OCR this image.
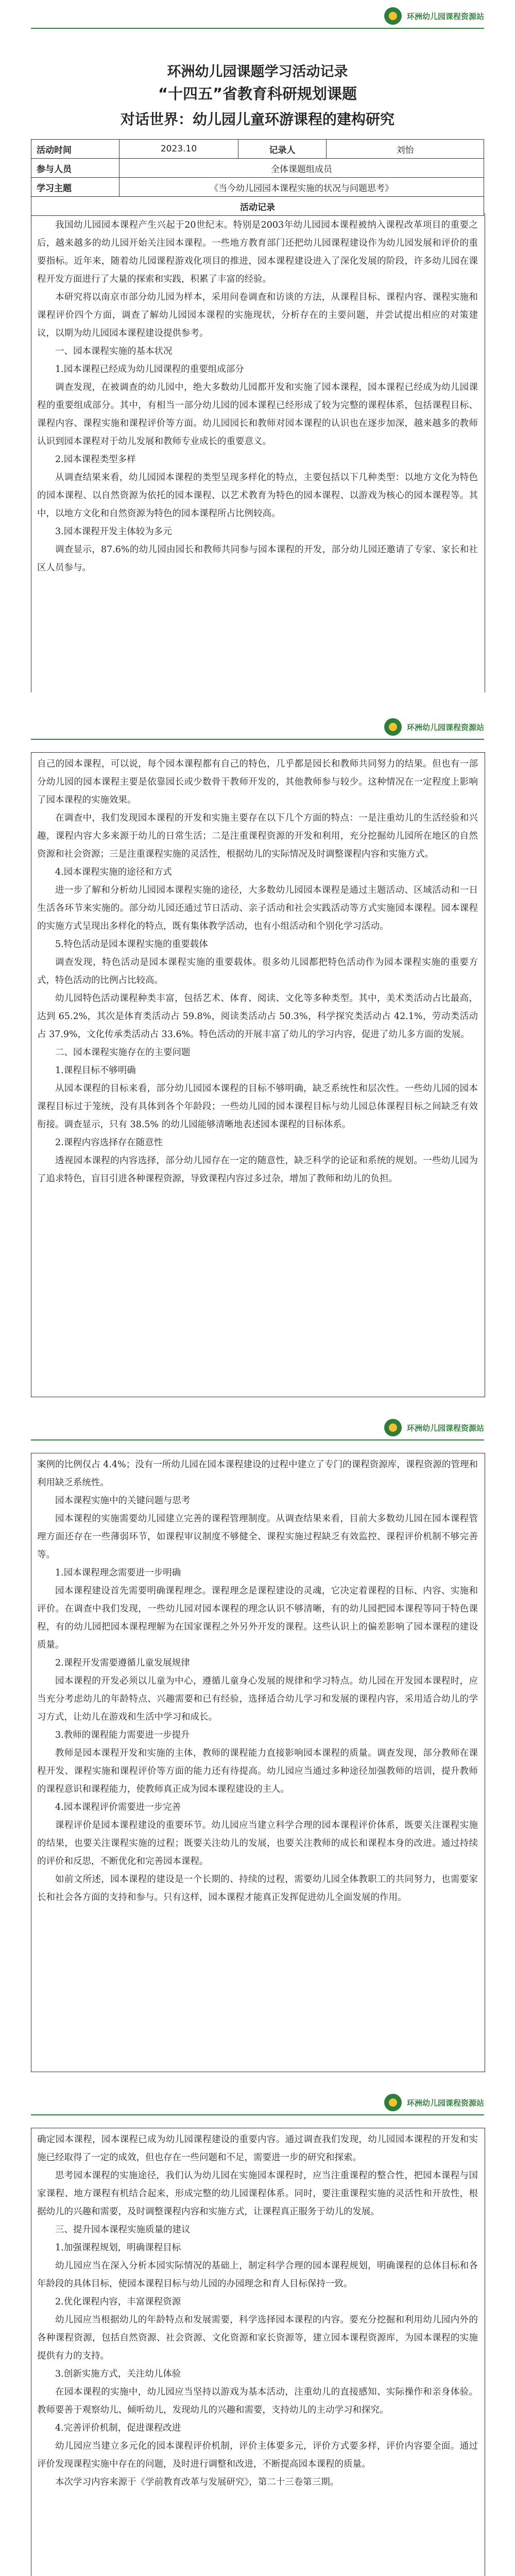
环洲幼儿园课程资源站

环洲幼儿园课题学习活动记录

“十四五”省教育科研规划课题

对话世界：幼儿园儿童环游课程的建构研究

活动时间	2023.10	记录人	刘怡
参与人员	全体课题组成员		
学习主题	《当今幼儿园园本课程实施的状况与问题思考》		
活动记录			

我国幼儿园园本课程产生兴起于20世纪末。特别是2003年幼儿园园本课程被纳入课程改革项目的重要之后，越来越多的幼儿园开始关注园本课程。一些地方教育部门还把幼儿园课程建设作为幼儿园发展和评价的重要指标。近年来，随着幼儿园课程游戏化项目的推进，园本课程建设进入了深化发展的阶段，许多幼儿园在课程开发方面进行了大量的探索和实践，积累了丰富的经验。

本研究将以南京市部分幼儿园为样本，采用问卷调查和访谈的方法，从课程目标、课程内容、课程实施和课程评价四个方面，调查了解幼儿园园本课程的实施现状，分析存在的主要问题，并尝试提出相应的对策建议，以期为幼儿园园本课程建设提供参考。

一、园本课程实施的基本状况

1.园本课程已经成为幼儿园课程的重要组成部分

调查发现，在被调查的幼儿园中，绝大多数幼儿园都开发和实施了园本课程，园本课程已经成为幼儿园课程的重要组成部分。其中，有相当一部分幼儿园的园本课程已经形成了较为完整的课程体系，包括课程目标、课程内容、课程实施和课程评价等方面。幼儿园园长和教师对园本课程的认识也在逐步加深，越来越多的教师认识到园本课程对于幼儿发展和教师专业成长的重要意义。

2.园本课程类型多样

从调查结果来看，幼儿园园本课程的类型呈现多样化的特点，主要包括以下几种类型：以地方文化为特色的园本课程、以自然资源为依托的园本课程、以艺术教育为特色的园本课程、以游戏为核心的园本课程等。其中，以地方文化和自然资源为特色的园本课程所占比例较高。

3.园本课程开发主体较为多元

调查显示，87.6%的幼儿园由园长和教师共同参与园本课程的开发，部分幼儿园还邀请了专家、家长和社区人员参与。

环洲幼儿园课程资源站

自己的园本课程，可以说，每个园本课程都有自己的特色，几乎都是园长和教师共同努力的结果。但也有一部分幼儿园的园本课程主要是依靠园长或少数骨干教师开发的，其他教师参与较少。这种情况在一定程度上影响了园本课程的实施效果。

在调查中，我们发现园本课程的开发和实施主要存在以下几个方面的特点：一是注重幼儿的生活经验和兴趣，课程内容大多来源于幼儿的日常生活；二是注重课程资源的开发和利用，充分挖掘幼儿园所在地区的自然资源和社会资源；三是注重课程实施的灵活性，根据幼儿的实际情况及时调整课程内容和实施方式。

4.园本课程实施的途径和方式

进一步了解和分析幼儿园园本课程实施的途径，大多数幼儿园园本课程是通过主题活动、区域活动和一日生活各环节来实施的。部分幼儿园还通过节日活动、亲子活动和社会实践活动等方式实施园本课程。园本课程的实施方式呈现出多样化的特点，既有集体教学活动，也有小组活动和个别化学习活动。

5.特色活动是园本课程实施的重要载体

调查发现，特色活动是园本课程实施的重要载体。很多幼儿园都把特色活动作为园本课程实施的重要方式，特色活动的比例占比较高。

幼儿园特色活动课程种类丰富，包括艺术、体育、阅读、文化等多种类型。其中，美术类活动占比最高，达到 65.2%，其次是体育类活动占 59.8%，阅读类活动占 50.3%，科学探究类活动占 42.1%，劳动类活动占 37.9%，文化传承类活动占 33.6%。特色活动的开展丰富了幼儿的学习内容，促进了幼儿多方面的发展。

二、园本课程实施存在的主要问题

1.课程目标不够明确

从园本课程的目标来看，部分幼儿园园本课程的目标不够明确，缺乏系统性和层次性。一些幼儿园的园本课程目标过于笼统，没有具体到各个年龄段；一些幼儿园的园本课程目标与幼儿园总体课程目标之间缺乏有效衔接。调查显示，只有 38.5% 的幼儿园能够清晰地表述园本课程的目标体系。

2.课程内容选择存在随意性

透视园本课程的内容选择，部分幼儿园存在一定的随意性，缺乏科学的论证和系统的规划。一些幼儿园为了追求特色，盲目引进各种课程资源，导致课程内容过多过杂，增加了教师和幼儿的负担。

环洲幼儿园课程资源站

案例的比例仅占 4.4%；没有一所幼儿园在园本课程建设的过程中建立了专门的课程资源库，课程资源的管理和利用缺乏系统性。

园本课程实施中的关键问题与思考

园本课程的实施需要幼儿园建立完善的课程管理制度。从调查结果来看，目前大多数幼儿园在园本课程管理方面还存在一些薄弱环节，如课程审议制度不够健全、课程实施过程缺乏有效监控、课程评价机制不够完善等。

1.园本课程理念需要进一步明确

园本课程建设首先需要明确课程理念。课程理念是课程建设的灵魂，它决定着课程的目标、内容、实施和评价。在调查中我们发现，一些幼儿园对园本课程的理念认识不够清晰，有的幼儿园把园本课程等同于特色课程，有的幼儿园把园本课程理解为在国家课程之外另外开发的课程。这些认识上的偏差影响了园本课程的建设质量。

2.课程开发需要遵循儿童发展规律

园本课程的开发必须以儿童为中心，遵循儿童身心发展的规律和学习特点。幼儿园在开发园本课程时，应当充分考虑幼儿的年龄特点、兴趣需要和已有经验，选择适合幼儿学习和发展的课程内容，采用适合幼儿的学习方式，让幼儿在游戏和生活中学习和成长。

3.教师的课程能力需要进一步提升

教师是园本课程开发和实施的主体，教师的课程能力直接影响园本课程的质量。调查发现，部分教师在课程开发、课程实施和课程评价等方面的能力还有待提高。幼儿园应当通过多种途径加强教师的培训，提升教师的课程意识和课程能力，使教师真正成为园本课程建设的主人。

4.园本课程评价需要进一步完善

课程评价是园本课程建设的重要环节。幼儿园应当建立科学合理的园本课程评价体系，既要关注课程实施的结果，也要关注课程实施的过程；既要关注幼儿的发展，也要关注教师的成长和课程本身的改进。通过持续的评价和反思，不断优化和完善园本课程。

如前文所述，园本课程的建设是一个长期的、持续的过程，需要幼儿园全体教职工的共同努力，也需要家长和社会各方面的支持和参与。只有这样，园本课程才能真正发挥促进幼儿全面发展的作用。

环洲幼儿园课程资源站

确定园本课程，园本课程已成为幼儿园课程建设的重要内容。通过调查我们发现，幼儿园园本课程的开发和实施已经取得了一定的成效，但也存在一些问题和不足，需要进一步的研究和探索。

思考园本课程的实施途径，我们认为幼儿园在实施园本课程时，应当注重课程的整合性，把园本课程与国家课程、地方课程有机结合起来，形成完整的幼儿园课程体系。同时，要注重课程实施的灵活性和开放性，根据幼儿的兴趣和需要，及时调整课程内容和实施方式，让课程真正服务于幼儿的发展。

三、提升园本课程实施质量的建议

1.加强课程规划，明确课程目标

幼儿园应当在深入分析本园实际情况的基础上，制定科学合理的园本课程规划，明确课程的总体目标和各年龄段的具体目标，使园本课程目标与幼儿园的办园理念和育人目标保持一致。

2.优化课程内容，丰富课程资源

幼儿园应当根据幼儿的年龄特点和发展需要，科学选择园本课程的内容。要充分挖掘和利用幼儿园内外的各种课程资源，包括自然资源、社会资源、文化资源和家长资源等，建立园本课程资源库，为园本课程的实施提供有力的支持。

3.创新实施方式，关注幼儿体验

在园本课程的实施中，幼儿园应当坚持以游戏为基本活动，注重幼儿的直接感知、实际操作和亲身体验。教师要善于观察幼儿、倾听幼儿，发现幼儿的兴趣和需要，支持幼儿的主动学习和探究。

4.完善评价机制，促进课程改进

幼儿园应当建立多元化的园本课程评价机制，评价主体要多元，评价方式要多样，评价内容要全面。通过评价发现课程实施中存在的问题，及时进行调整和改进，不断提高园本课程的质量。

本次学习内容来源于《学前教育改革与发展研究》，第二十三卷第三期。
